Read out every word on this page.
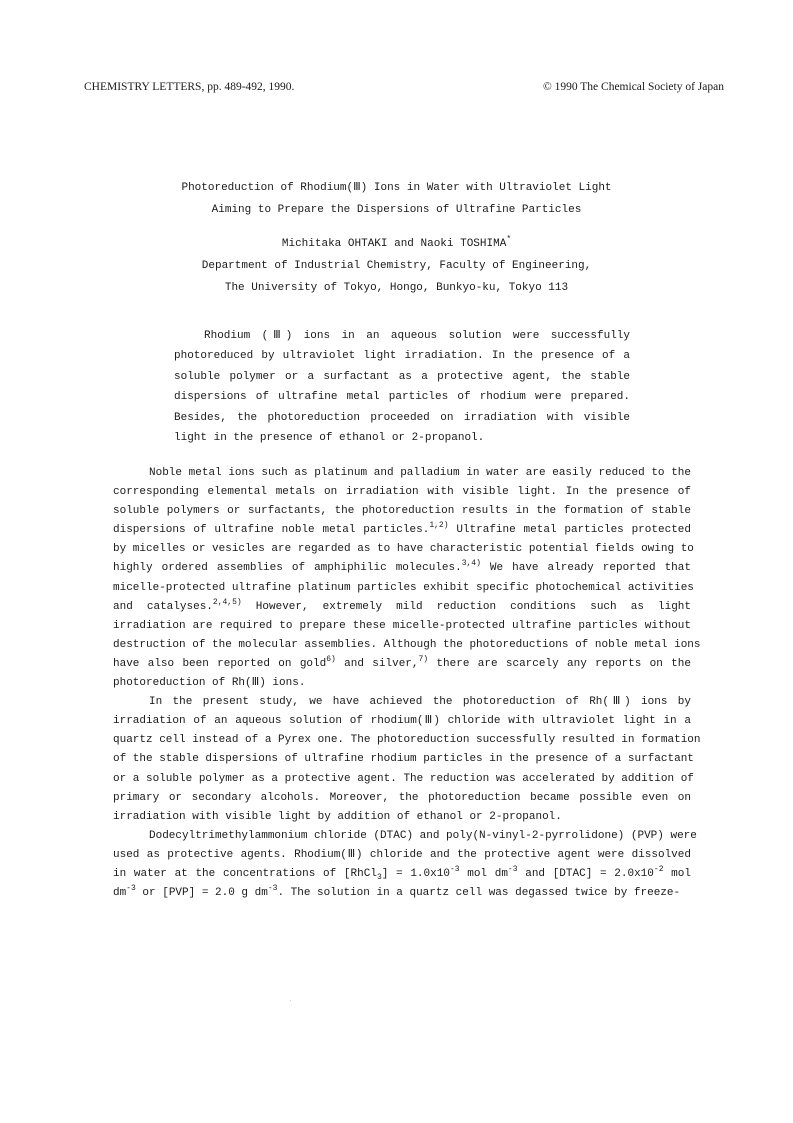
CHEMISTRY LETTERS, pp. 489-492, 1990.	© 1990 The Chemical Society of Japan
Photoreduction of Rhodium(Ⅲ) Ions in Water with Ultraviolet Light
Aiming to Prepare the Dispersions of Ultrafine Particles
Michitaka OHTAKI and Naoki TOSHIMA*
Department of Industrial Chemistry, Faculty of Engineering,
The University of Tokyo, Hongo, Bunkyo-ku, Tokyo 113
Rhodium (Ⅲ) ions in an aqueous solution were successfully
photoreduced by ultraviolet light irradiation. In the presence of a
soluble polymer or a surfactant as a protective agent, the stable
dispersions of ultrafine metal particles of rhodium were prepared.
Besides, the photoreduction proceeded on irradiation with visible
light in the presence of ethanol or 2-propanol.
Noble metal ions such as platinum and palladium in water are easily reduced to the
corresponding elemental metals on irradiation with visible light. In the presence of
soluble polymers or surfactants, the photoreduction results in the formation of stable
dispersions of ultrafine noble metal particles.$^{1,2)}$ Ultrafine metal particles protected
by micelles or vesicles are regarded as to have characteristic potential fields owing to
highly ordered assemblies of amphiphilic molecules.$^{3,4)}$ We have already reported that
micelle-protected ultrafine platinum particles exhibit specific photochemical activities
and catalyses.$^{2,4,5)}$ However, extremely mild reduction conditions such as light
irradiation are required to prepare these micelle-protected ultrafine particles without
destruction of the molecular assemblies. Although the photoreductions of noble metal ions
have also been reported on gold$^{6)}$ and silver,$^{7)}$ there are scarcely any reports on the
photoreduction of Rh(Ⅲ) ions.
In the present study, we have achieved the photoreduction of Rh(Ⅲ) ions by
irradiation of an aqueous solution of rhodium(Ⅲ) chloride with ultraviolet light in a
quartz cell instead of a Pyrex one. The photoreduction successfully resulted in formation
of the stable dispersions of ultrafine rhodium particles in the presence of a surfactant
or a soluble polymer as a protective agent. The reduction was accelerated by addition of
primary or secondary alcohols. Moreover, the photoreduction became possible even on
irradiation with visible light by addition of ethanol or 2-propanol.
Dodecyltrimethylammonium chloride (DTAC) and poly(N-vinyl-2-pyrrolidone) (PVP) were
used as protective agents. Rhodium(Ⅲ) chloride and the protective agent were dissolved
in water at the concentrations of [RhCl$_3$] = $1.0x10^{-3}$ mol $dm^{-3}$ and [DTAC] = $2.0x10^{-2}$ mol
$dm^{-3}$ or [PVP] = 2.0 g $dm^{-3}$. The solution in a quartz cell was degassed twice by freeze-
